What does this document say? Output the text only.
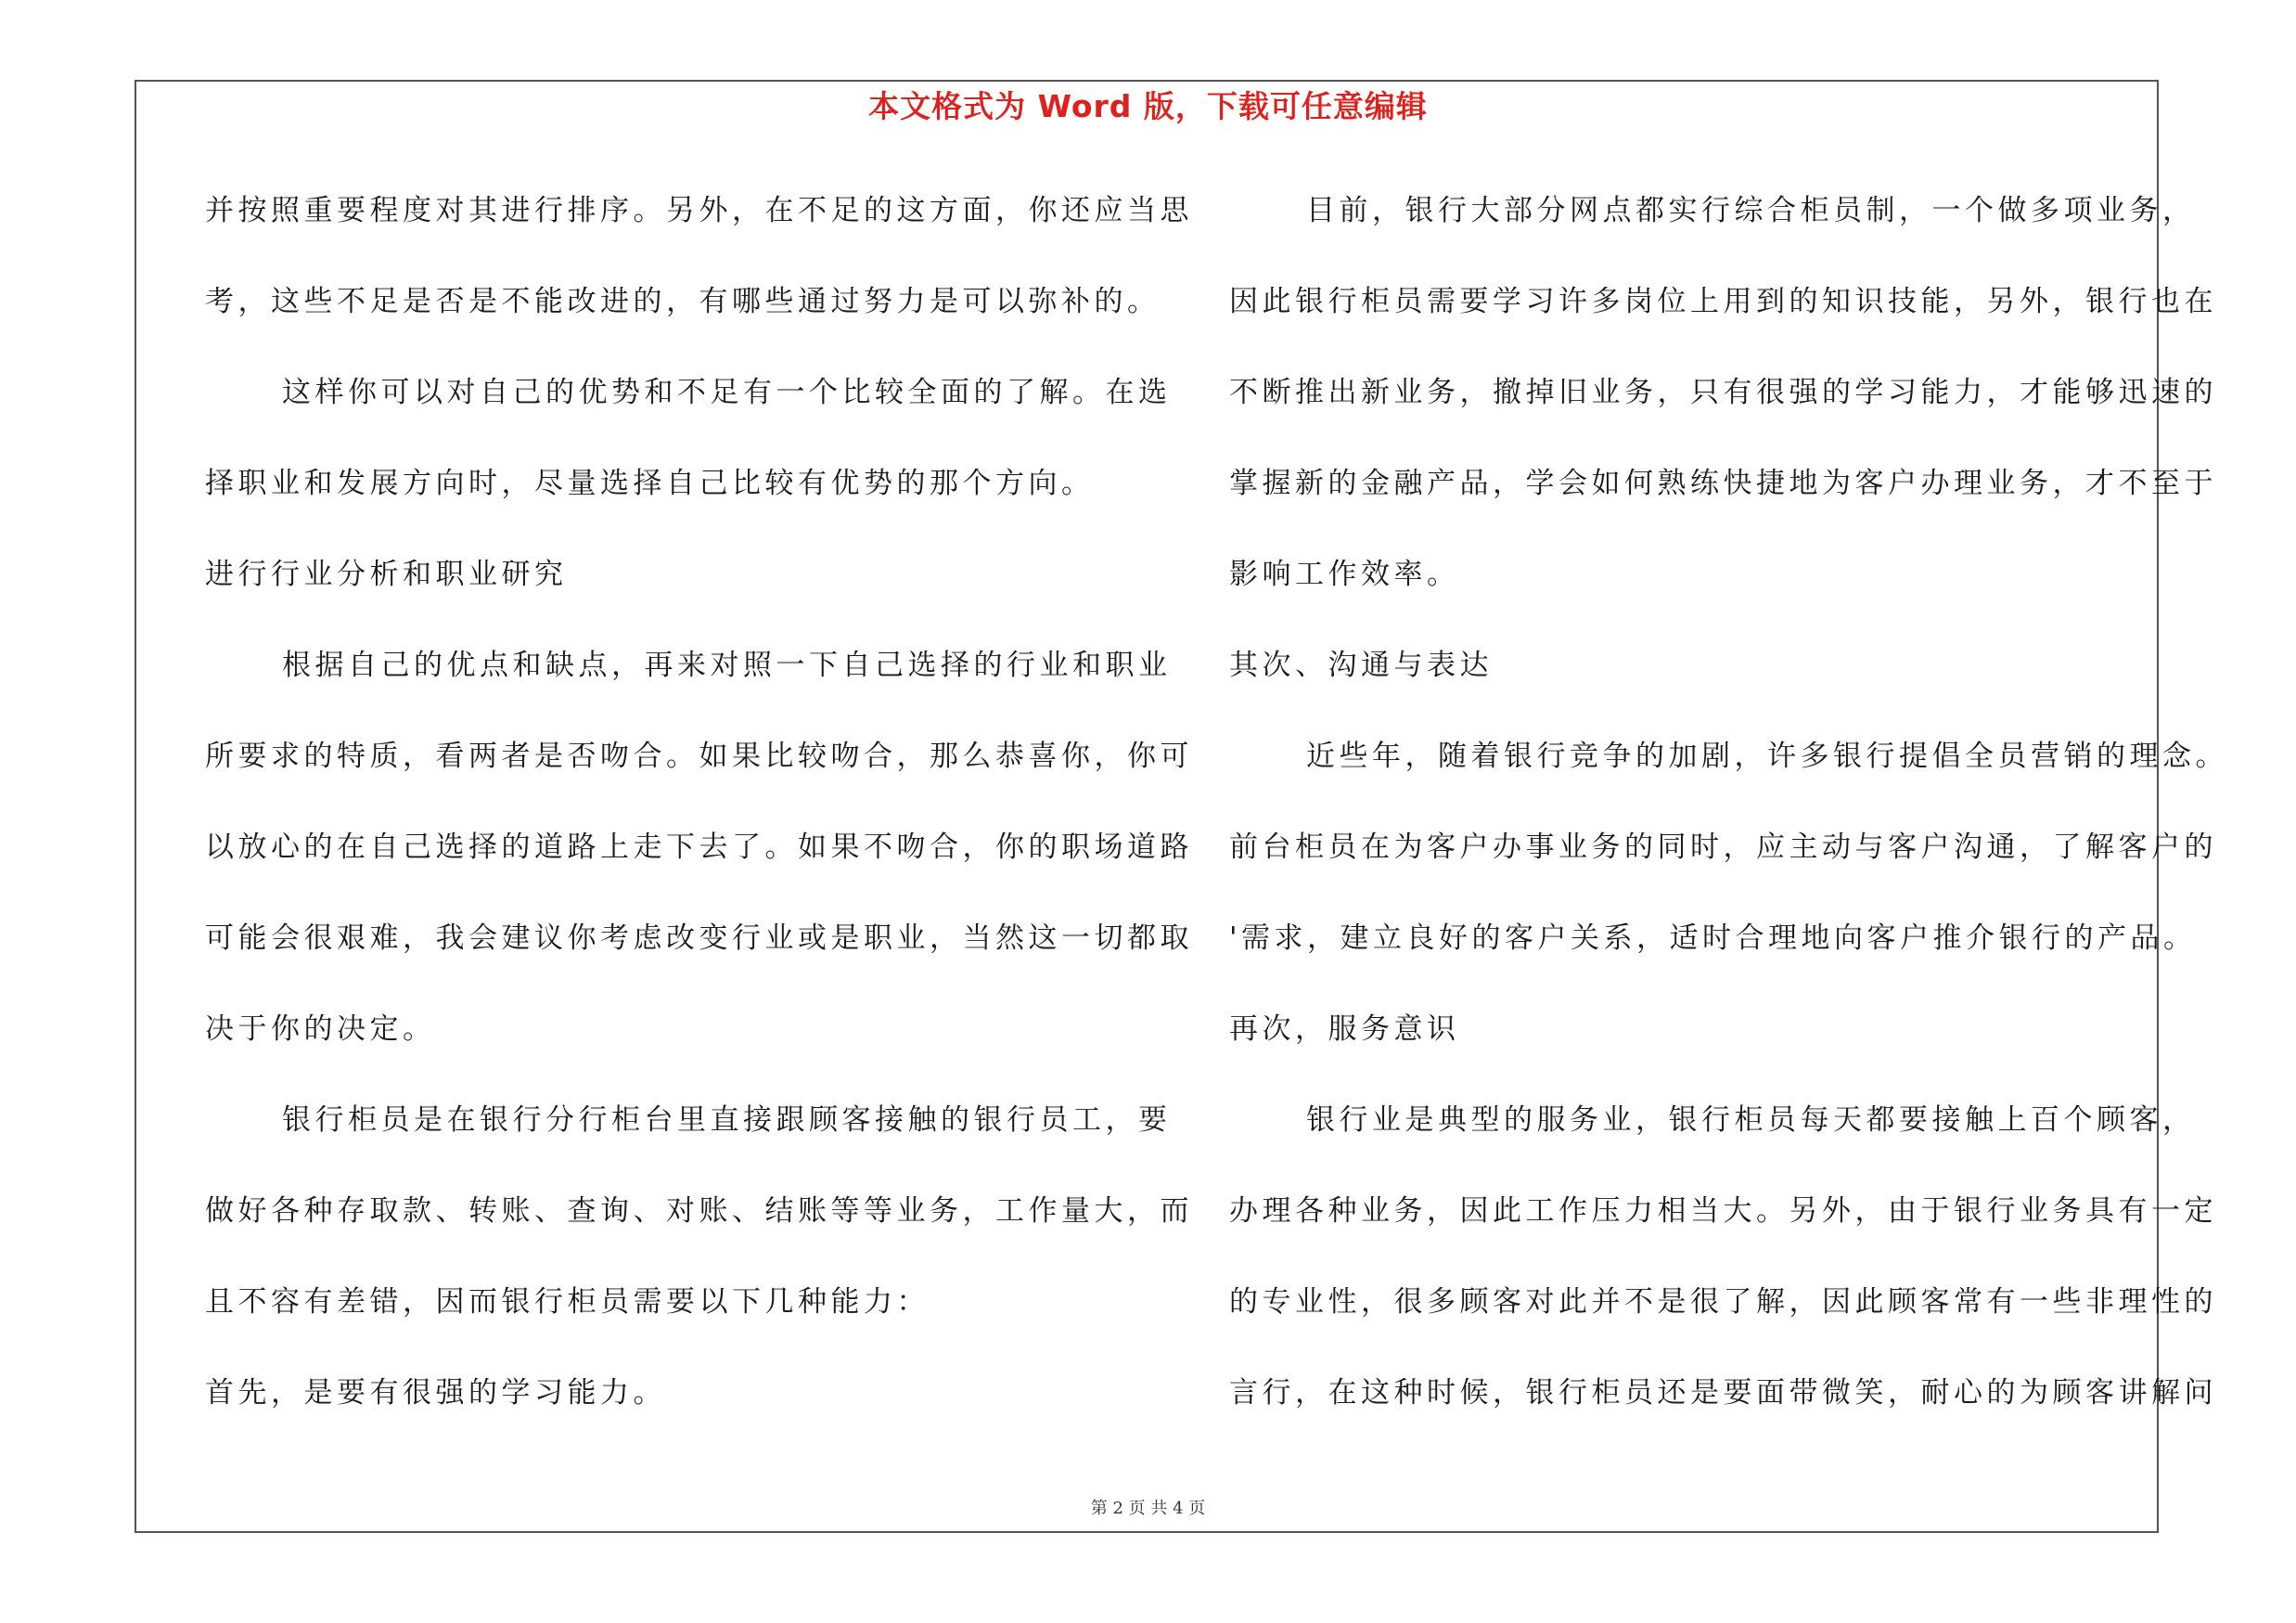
本文格式为 Word 版，下载可任意编辑
并按照重要程度对其进行排序。另外，在不足的这方面，你还应当思
考，这些不足是否是不能改进的，有哪些通过努力是可以弥补的。
这样你可以对自己的优势和不足有一个比较全面的了解。在选
择职业和发展方向时，尽量选择自己比较有优势的那个方向。
进行行业分析和职业研究
根据自己的优点和缺点，再来对照一下自己选择的行业和职业
所要求的特质，看两者是否吻合。如果比较吻合，那么恭喜你，你可
以放心的在自己选择的道路上走下去了。如果不吻合，你的职场道路
可能会很艰难，我会建议你考虑改变行业或是职业，当然这一切都取
决于你的决定。
银行柜员是在银行分行柜台里直接跟顾客接触的银行员工，要
做好各种存取款、转账、查询、对账、结账等等业务，工作量大，而
且不容有差错，因而银行柜员需要以下几种能力：
首先，是要有很强的学习能力。
目前，银行大部分网点都实行综合柜员制，一个做多项业务，
因此银行柜员需要学习许多岗位上用到的知识技能，另外，银行也在
不断推出新业务，撤掉旧业务，只有很强的学习能力，才能够迅速的
掌握新的金融产品，学会如何熟练快捷地为客户办理业务，才不至于
影响工作效率。
其次、沟通与表达
近些年，随着银行竞争的加剧，许多银行提倡全员营销的理念。
前台柜员在为客户办事业务的同时，应主动与客户沟通，了解客户的
'需求，建立良好的客户关系，适时合理地向客户推介银行的产品。
再次，服务意识
银行业是典型的服务业，银行柜员每天都要接触上百个顾客，
办理各种业务，因此工作压力相当大。另外，由于银行业务具有一定
的专业性，很多顾客对此并不是很了解，因此顾客常有一些非理性的
言行，在这种时候，银行柜员还是要面带微笑，耐心的为顾客讲解问
第 2 页 共 4 页
